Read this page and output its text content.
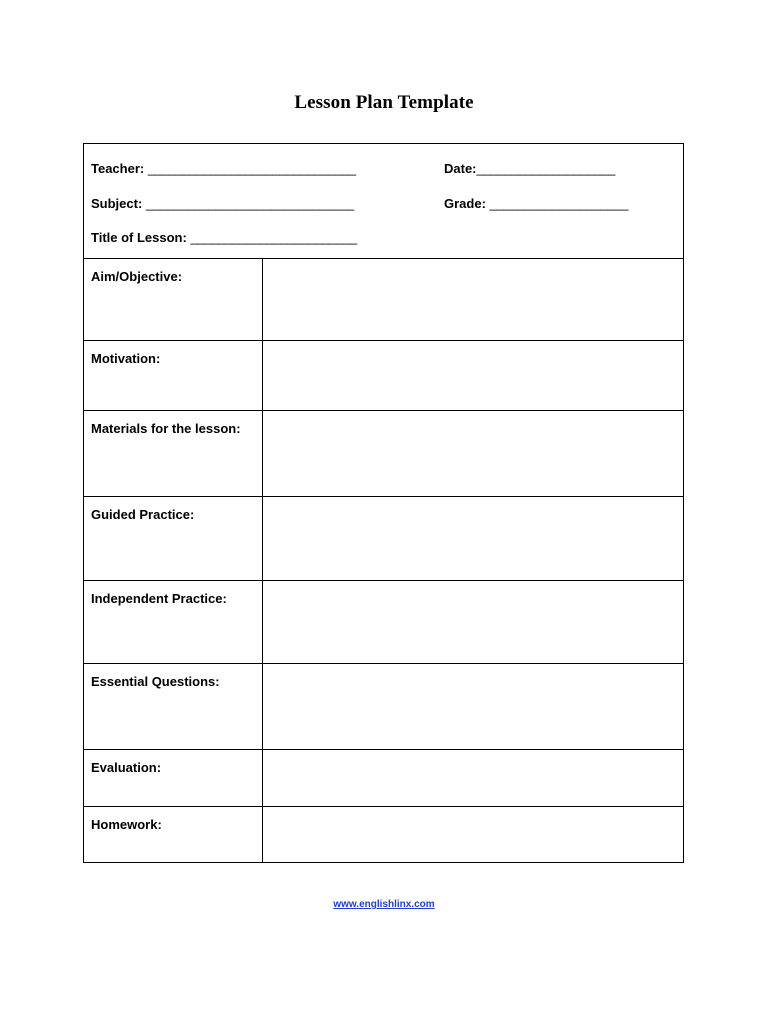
Lesson Plan Template
Teacher: ______________________________	Date:____________________
Subject: ______________________________	Grade: ____________________
Title of Lesson: ________________________
Aim/Objective:
Motivation:
Materials for the lesson:
Guided Practice:
Independent Practice:
Essential Questions:
Evaluation:
Homework:
www.englishlinx.com
